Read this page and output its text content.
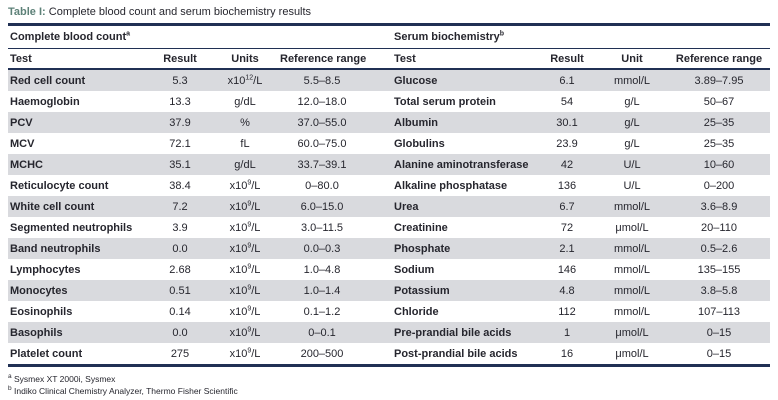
Table I: Complete blood count and serum biochemistry results
Complete blood count$^a$	Serum biochemistry$^b$
Test	Result	Units	Reference range	Test	Result	Unit	Reference range
Red cell count	5.3	$x10^{12}/L$	5.5–8.5	Glucose	6.1	mmol/L	3.89–7.95
Haemoglobin	13.3	g/dL	12.0–18.0	Total serum protein	54	g/L	50–67
PCV	37.9	%	37.0–55.0	Albumin	30.1	g/L	25–35
MCV	72.1	fL	60.0–75.0	Globulins	23.9	g/L	25–35
MCHC	35.1	g/dL	33.7–39.1	Alanine aminotransferase	42	U/L	10–60
Reticulocyte count	38.4	$x10^9/L$	0–80.0	Alkaline phosphatase	136	U/L	0–200
White cell count	7.2	$x10^9/L$	6.0–15.0	Urea	6.7	mmol/L	3.6–8.9
Segmented neutrophils	3.9	$x10^9/L$	3.0–11.5	Creatinine	72	μmol/L	20–110
Band neutrophils	0.0	$x10^9/L$	0.0–0.3	Phosphate	2.1	mmol/L	0.5–2.6
Lymphocytes	2.68	$x10^9/L$	1.0–4.8	Sodium	146	mmol/L	135–155
Monocytes	0.51	$x10^9/L$	1.0–1.4	Potassium	4.8	mmol/L	3.8–5.8
Eosinophils	0.14	$x10^9/L$	0.1–1.2	Chloride	112	mmol/L	107–113
Basophils	0.0	$x10^9/L$	0–0.1	Pre-prandial bile acids	1	μmol/L	0–15
Platelet count	275	$x10^9/L$	200–500	Post-prandial bile acids	16	μmol/L	0–15
$^a$ Sysmex XT 2000i, Sysmex
$^b$ Indiko Clinical Chemistry Analyzer, Thermo Fisher Scientific
